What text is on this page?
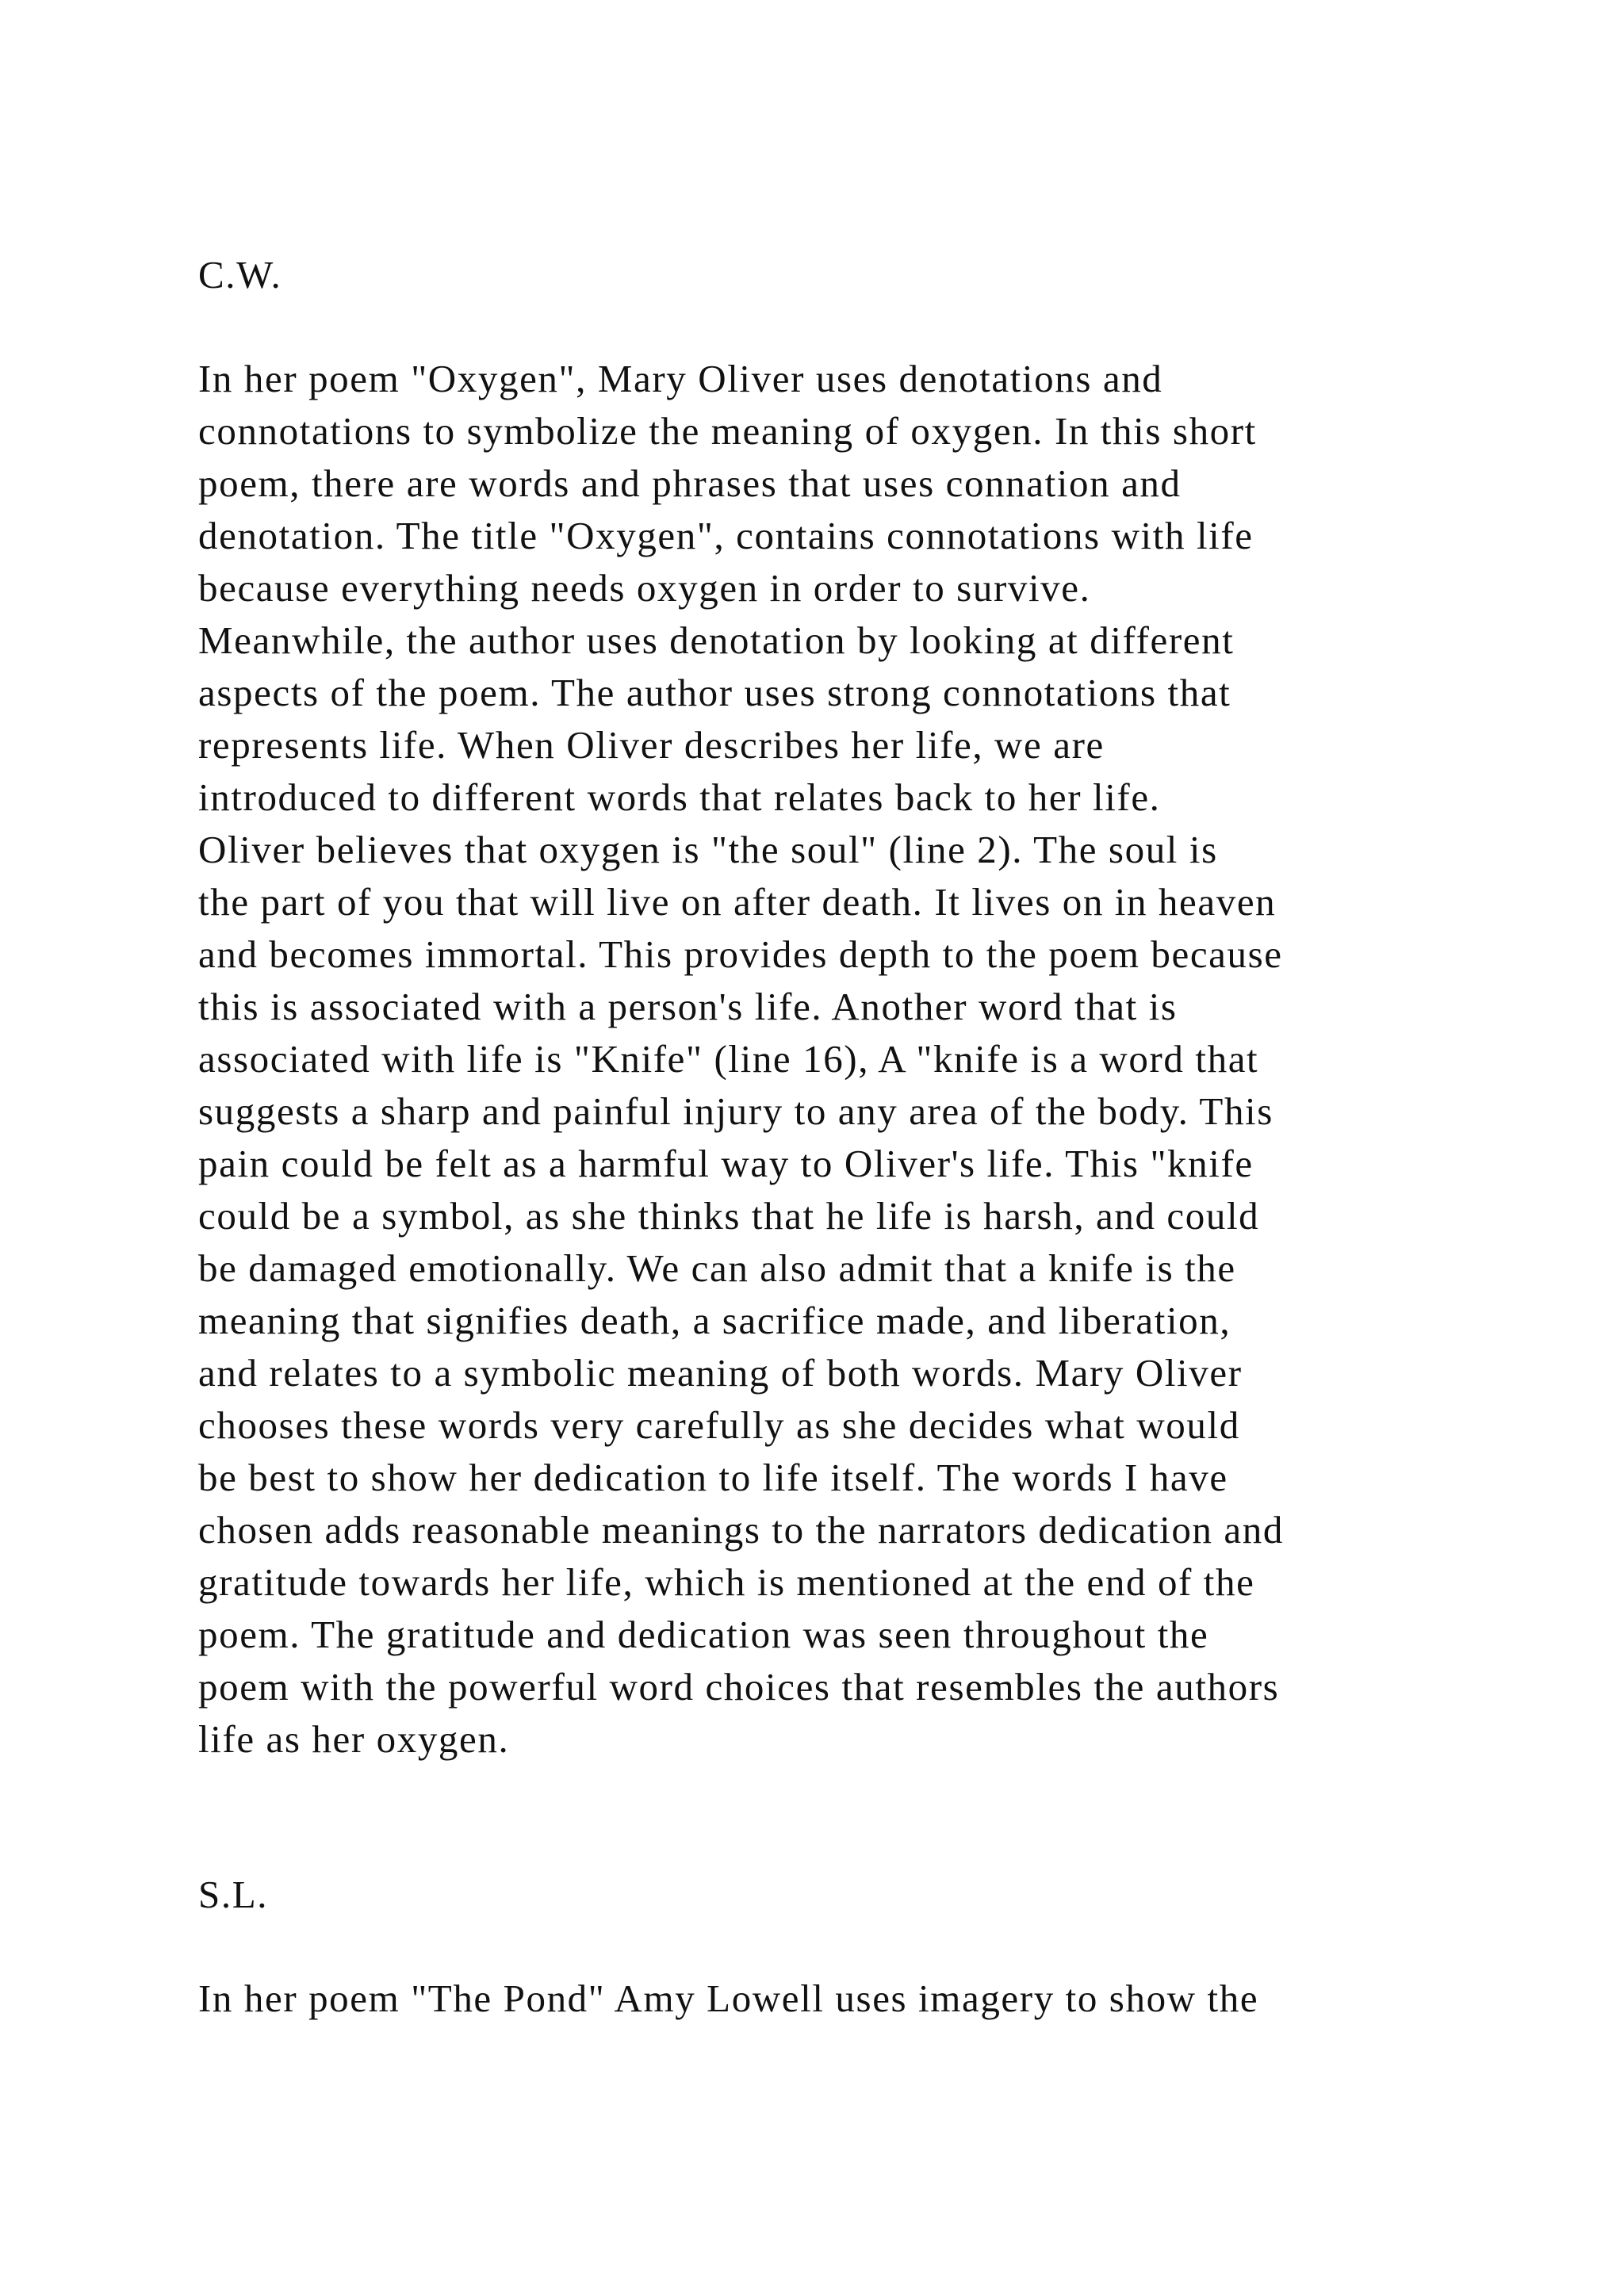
C.W.
In her poem "Oxygen", Mary Oliver uses denotations and
connotations to symbolize the meaning of oxygen. In this short
poem, there are words and phrases that uses connation and
denotation. The title "Oxygen", contains connotations with life
because everything needs oxygen in order to survive.
Meanwhile, the author uses denotation by looking at different
aspects of the poem. The author uses strong connotations that
represents life. When Oliver describes her life, we are
introduced to different words that relates back to her life.
Oliver believes that oxygen is "the soul" (line 2). The soul is
the part of you that will live on after death. It lives on in heaven
and becomes immortal. This provides depth to the poem because
this is associated with a person's life. Another word that is
associated with life is "Knife" (line 16), A "knife is a word that
suggests a sharp and painful injury to any area of the body. This
pain could be felt as a harmful way to Oliver's life. This "knife
could be a symbol, as she thinks that he life is harsh, and could
be damaged emotionally. We can also admit that a knife is the
meaning that signifies death, a sacrifice made, and liberation,
and relates to a symbolic meaning of both words. Mary Oliver
chooses these words very carefully as she decides what would
be best to show her dedication to life itself. The words I have
chosen adds reasonable meanings to the narrators dedication and
gratitude towards her life, which is mentioned at the end of the
poem. The gratitude and dedication was seen throughout the
poem with the powerful word choices that resembles the authors
life as her oxygen.
S.L.
In her poem "The Pond" Amy Lowell uses imagery to show the
